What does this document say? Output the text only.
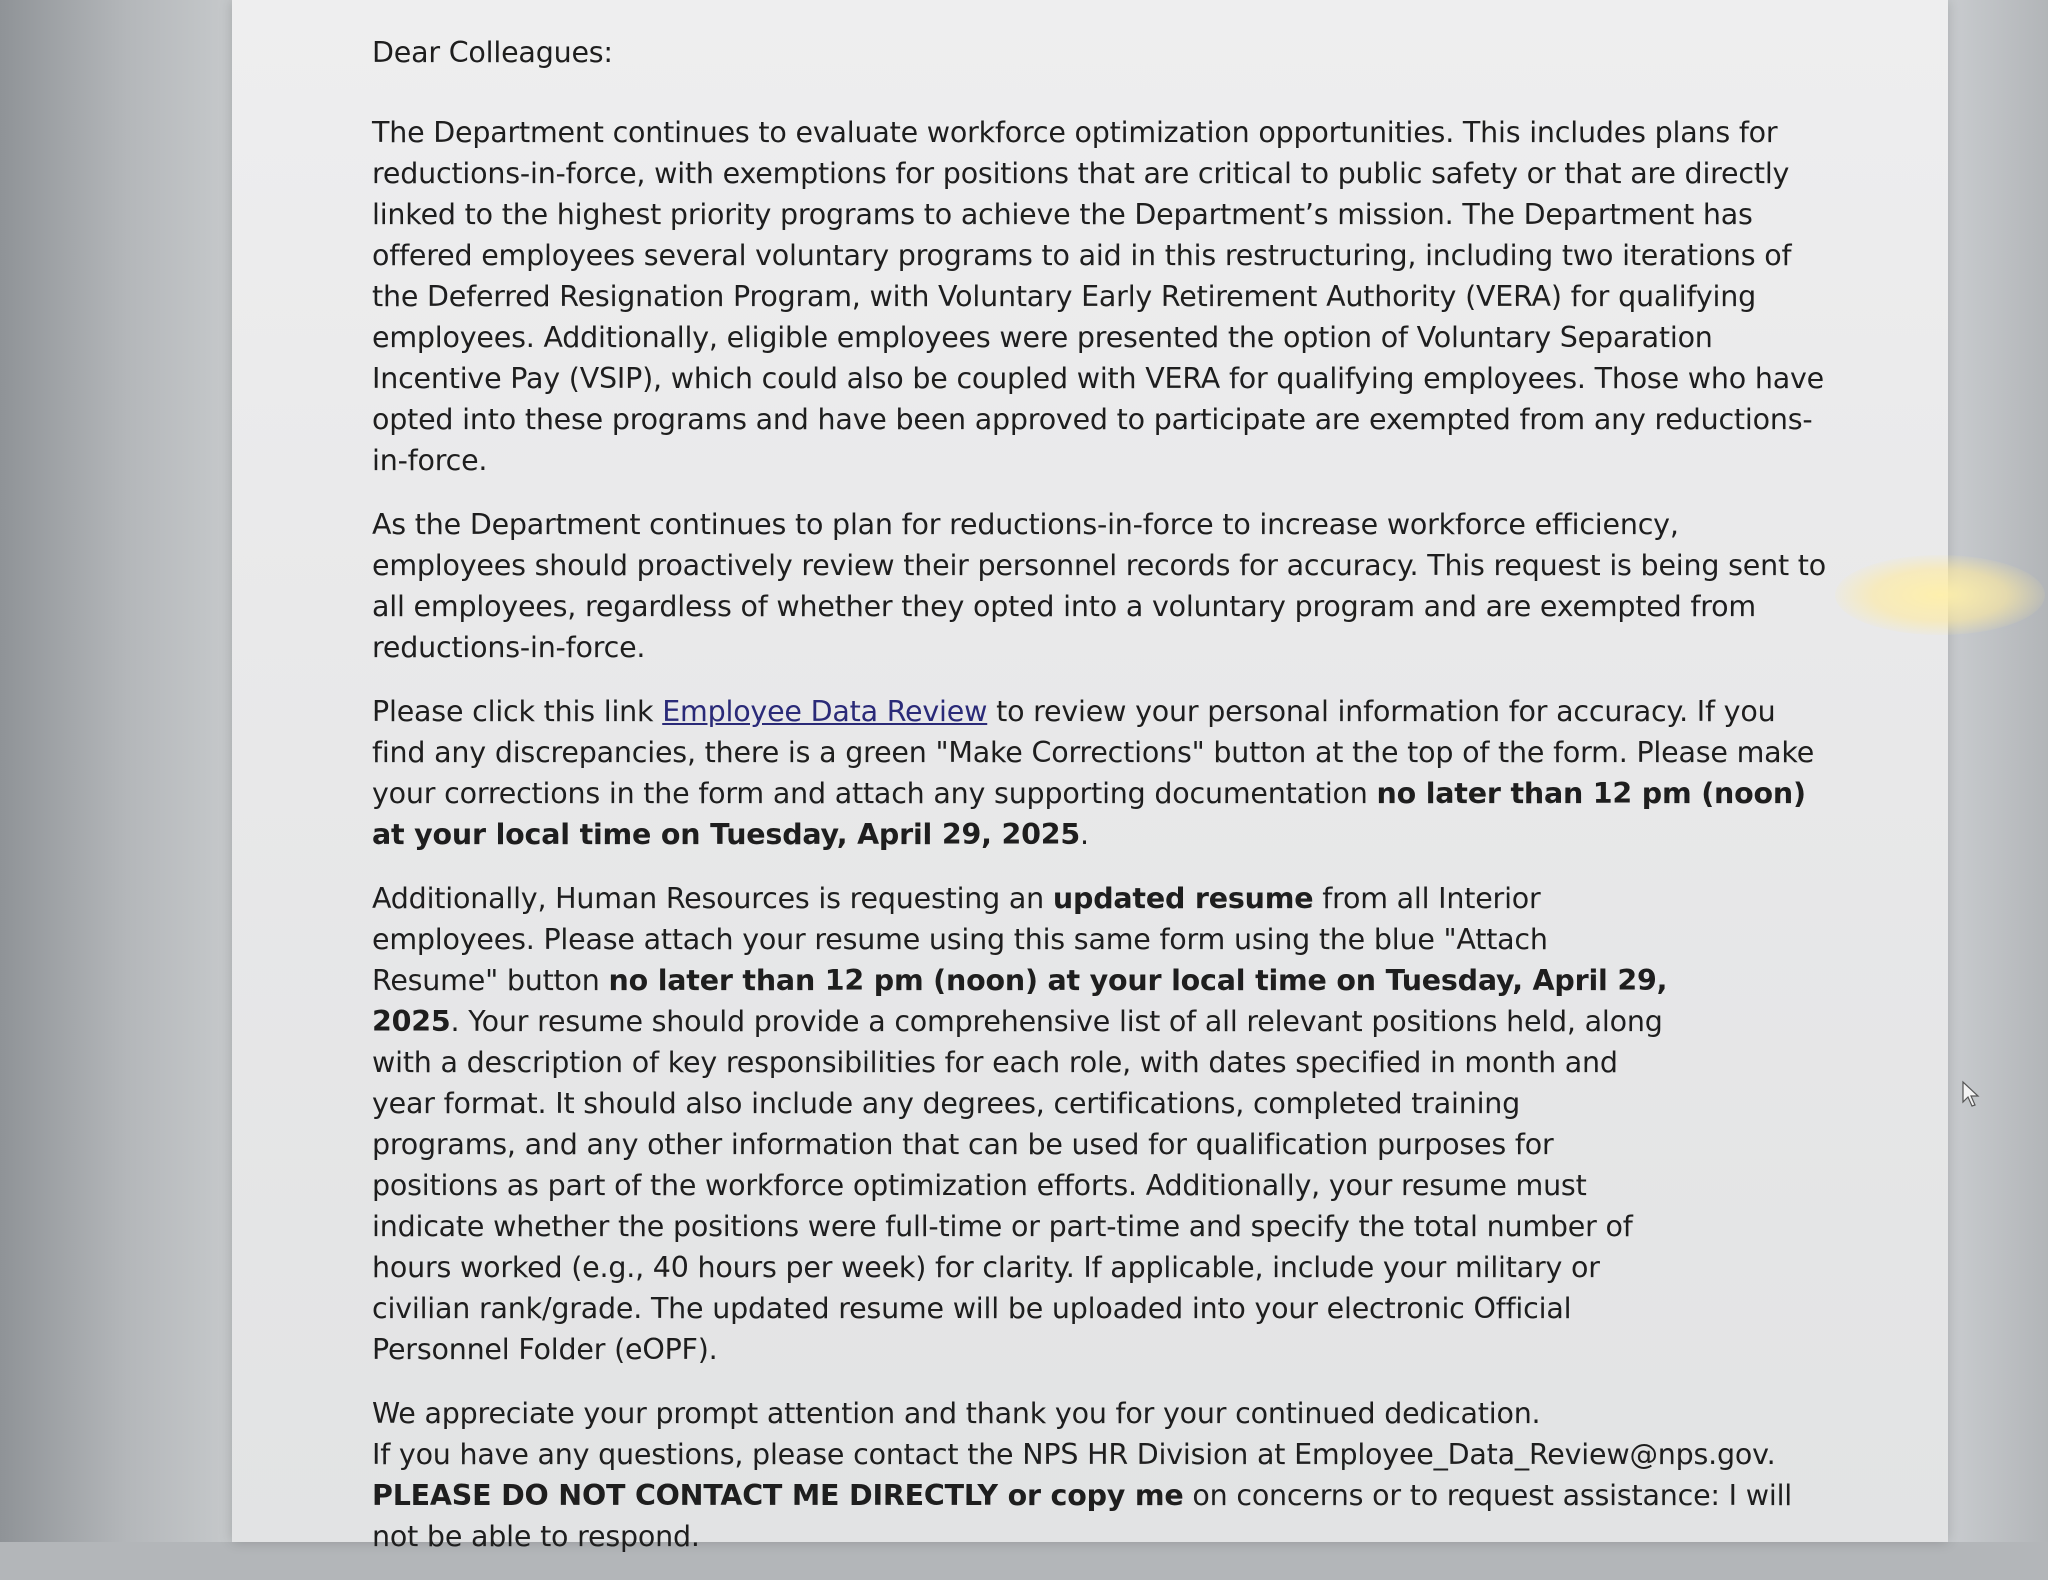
Dear Colleagues:

The Department continues to evaluate workforce optimization opportunities. This includes plans for reductions-in-force, with exemptions for positions that are critical to public safety or that are directly linked to the highest priority programs to achieve the Department’s mission. The Department has offered employees several voluntary programs to aid in this restructuring, including two iterations of the Deferred Resignation Program, with Voluntary Early Retirement Authority (VERA) for qualifying employees. Additionally, eligible employees were presented the option of Voluntary Separation Incentive Pay (VSIP), which could also be coupled with VERA for qualifying employees. Those who have opted into these programs and have been approved to participate are exempted from any reductions-in-force.

As the Department continues to plan for reductions-in-force to increase workforce efficiency, employees should proactively review their personnel records for accuracy. This request is being sent to all employees, regardless of whether they opted into a voluntary program and are exempted from reductions-in-force.

Please click this link Employee Data Review to review your personal information for accuracy. If you find any discrepancies, there is a green "Make Corrections" button at the top of the form. Please make your corrections in the form and attach any supporting documentation no later than 12 pm (noon) at your local time on Tuesday, April 29, 2025.

Additionally, Human Resources is requesting an updated resume from all Interior employees. Please attach your resume using this same form using the blue "Attach Resume" button no later than 12 pm (noon) at your local time on Tuesday, April 29, 2025. Your resume should provide a comprehensive list of all relevant positions held, along with a description of key responsibilities for each role, with dates specified in month and year format. It should also include any degrees, certifications, completed training programs, and any other information that can be used for qualification purposes for positions as part of the workforce optimization efforts. Additionally, your resume must indicate whether the positions were full-time or part-time and specify the total number of hours worked (e.g., 40 hours per week) for clarity. If applicable, include your military or civilian rank/grade. The updated resume will be uploaded into your electronic Official Personnel Folder (eOPF).

We appreciate your prompt attention and thank you for your continued dedication.
If you have any questions, please contact the NPS HR Division at Employee_Data_Review@nps.gov.
PLEASE DO NOT CONTACT ME DIRECTLY or copy me on concerns or to request assistance: I will not be able to respond.
